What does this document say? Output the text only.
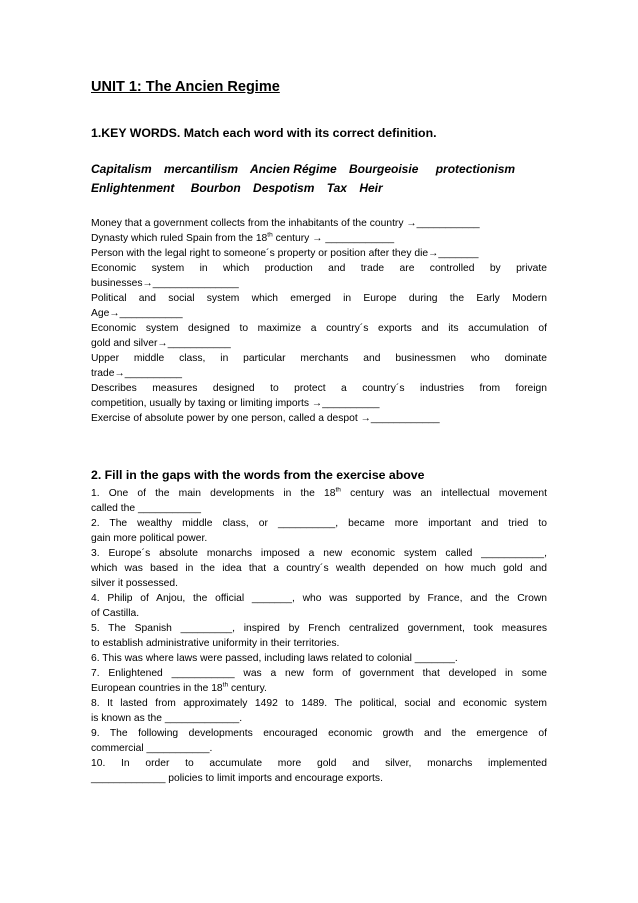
UNIT 1: The Ancien Regime
1.KEY WORDS. Match each word with its correct definition.
Capitalism mercantilism Ancien Régime Bourgeoisie protectionism
Enlightenment Bourbon Despotism Tax Heir
Money that a government collects from the inhabitants of the country →___________
Dynasty which ruled Spain from the 18th century → ____________
Person with the legal right to someone´s property or position after they die→_______
Economic system in which production and trade are controlled by private
businesses→_______________
Political and social system which emerged in Europe during the Early Modern
Age→___________
Economic system designed to maximize a country´s exports and its accumulation of
gold and silver→___________
Upper middle class, in particular merchants and businessmen who dominate
trade→__________
Describes measures designed to protect a country´s industries from foreign
competition, usually by taxing or limiting imports →__________
Exercise of absolute power by one person, called a despot →____________
2. Fill in the gaps with the words from the exercise above
1. One of the main developments in the 18th century was an intellectual movement
called the ___________
2. The wealthy middle class, or __________, became more important and tried to
gain more political power.
3. Europe´s absolute monarchs imposed a new economic system called ___________,
which was based in the idea that a country´s wealth depended on how much gold and
silver it possessed.
4. Philip of Anjou, the official _______, who was supported by France, and the Crown
of Castilla.
5. The Spanish _________, inspired by French centralized government, took measures
to establish administrative uniformity in their territories.
6. This was where laws were passed, including laws related to colonial _______.
7. Enlightened ___________ was a new form of government that developed in some
European countries in the 18th century.
8. It lasted from approximately 1492 to 1489. The political, social and economic system
is known as the _____________.
9. The following developments encouraged economic growth and the emergence of
commercial ___________.
10. In order to accumulate more gold and silver, monarchs implemented
_____________ policies to limit imports and encourage exports.
